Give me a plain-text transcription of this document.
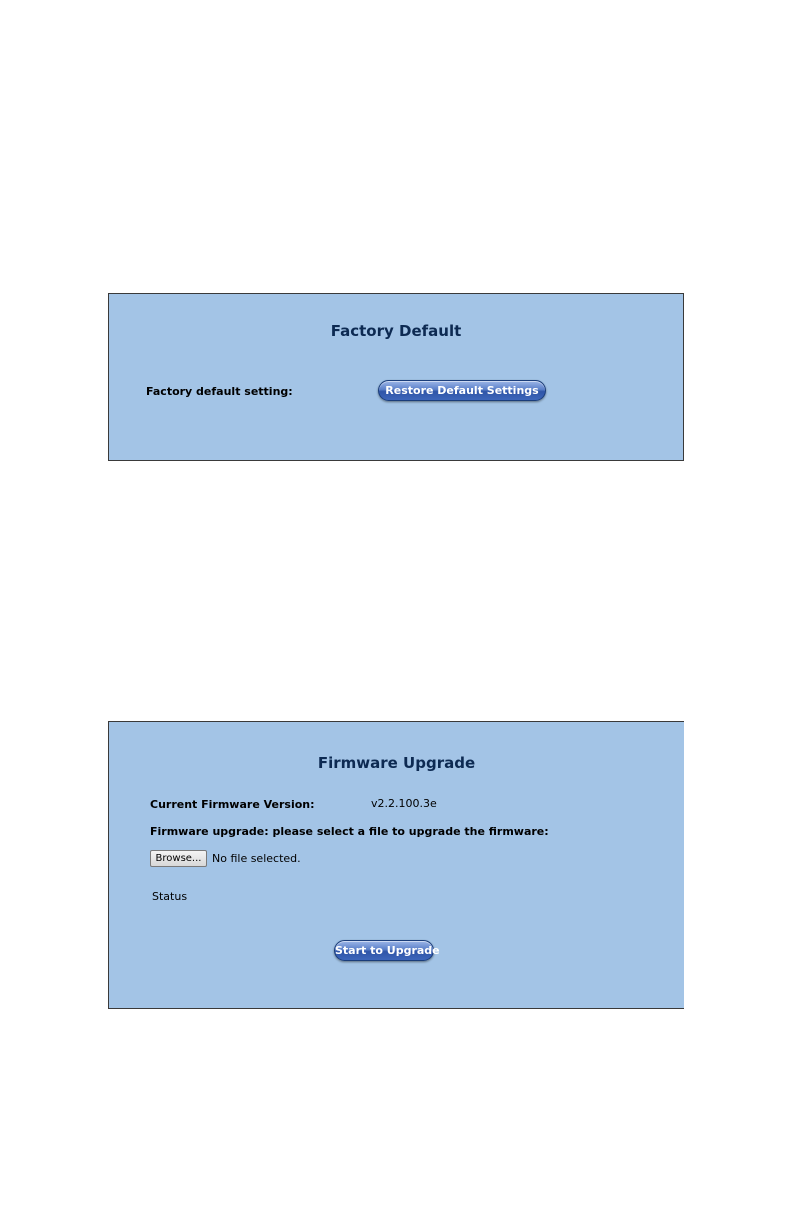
Factory Default
Factory default setting:	Restore Default Settings
Firmware Upgrade
Current Firmware Version:	v2.2.100.3e
Firmware upgrade: please select a file to upgrade the firmware:
Browse... No file selected.
Status
Start to Upgrade
